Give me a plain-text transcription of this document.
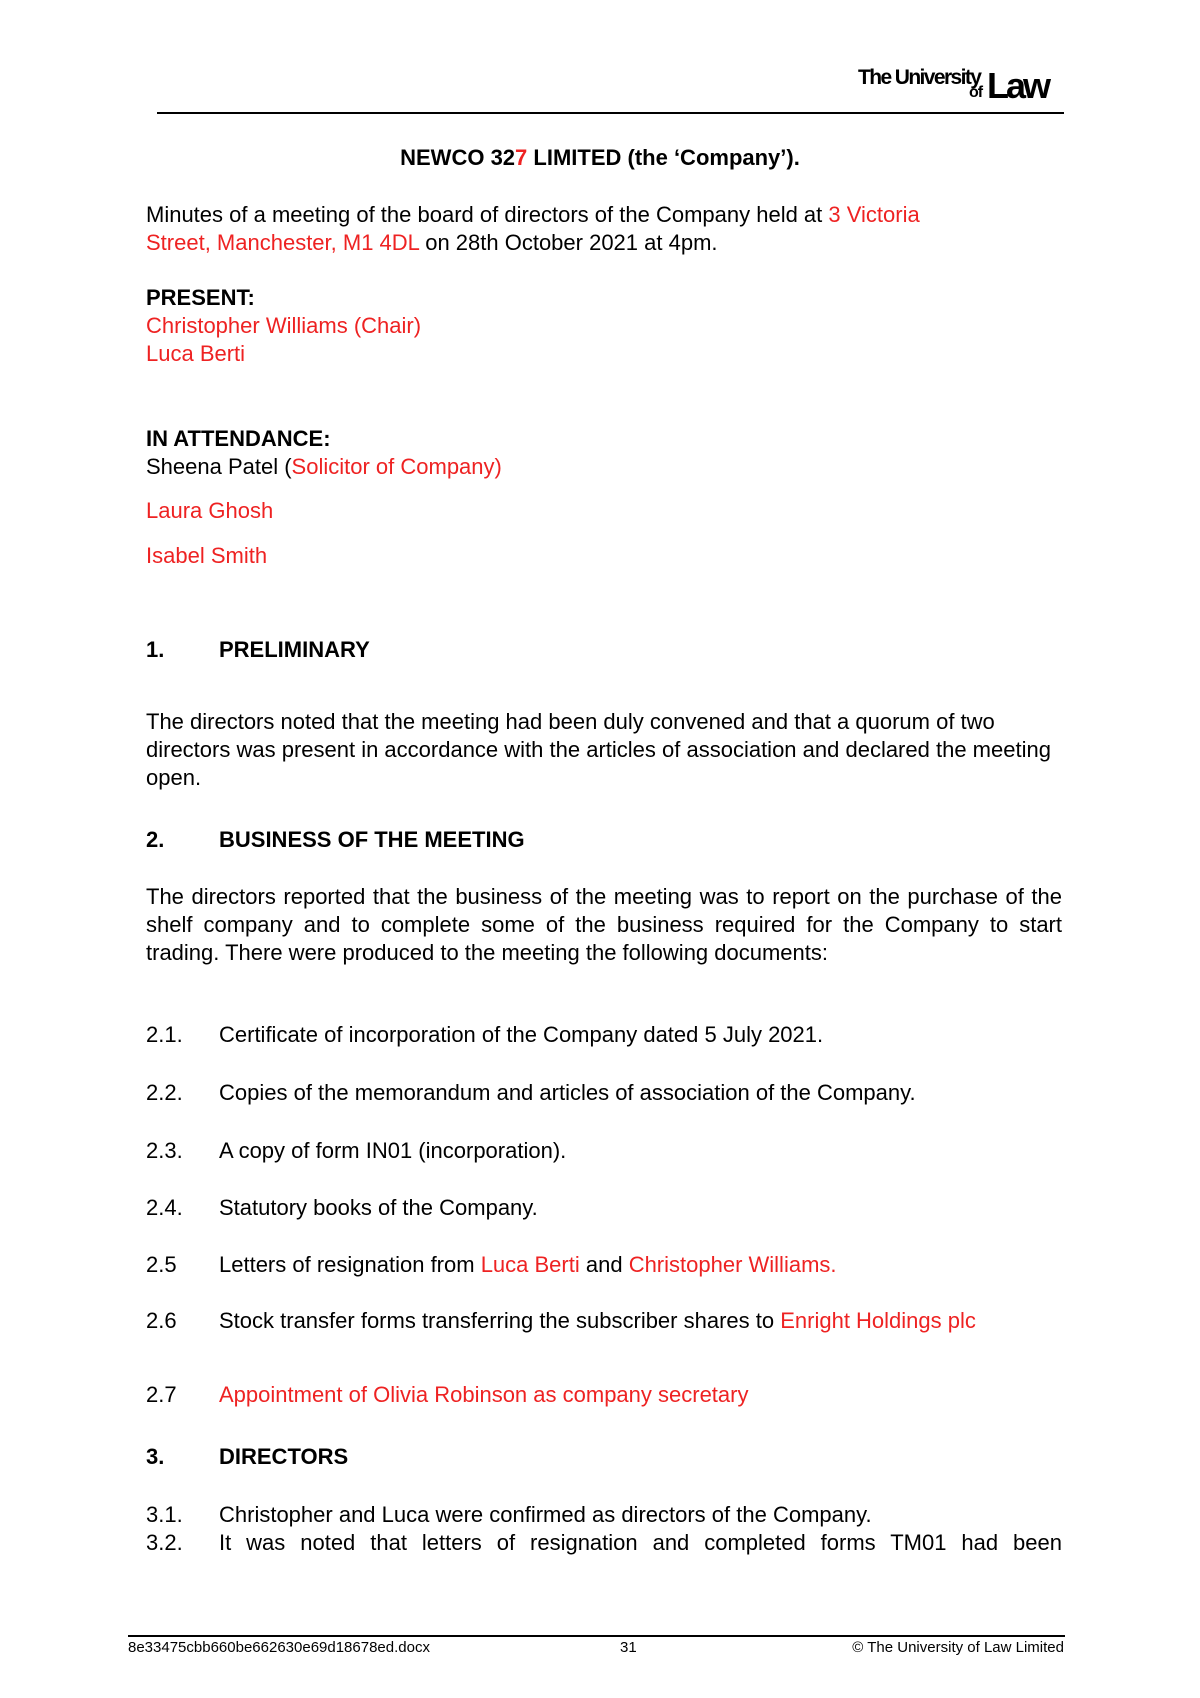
The University
of Law
NEWCO 327 LIMITED (the ‘Company’).
Minutes of a meeting of the board of directors of the Company held at 3 Victoria
Street, Manchester, M1 4DL on 28th October 2021 at 4pm.
PRESENT:
Christopher Williams (Chair)
Luca Berti
IN ATTENDANCE:
Sheena Patel (Solicitor of Company)
Laura Ghosh
Isabel Smith
1. PRELIMINARY
The directors noted that the meeting had been duly convened and that a quorum of two directors was present in accordance with the articles of association and declared the meeting open.
2. BUSINESS OF THE MEETING
The directors reported that the business of the meeting was to report on the purchase of the shelf company and to complete some of the business required for the Company to start trading. There were produced to the meeting the following documents:
2.1. Certificate of incorporation of the Company dated 5 July 2021.
2.2. Copies of the memorandum and articles of association of the Company.
2.3. A copy of form IN01 (incorporation).
2.4. Statutory books of the Company.
2.5 Letters of resignation from Luca Berti and Christopher Williams.
2.6 Stock transfer forms transferring the subscriber shares to Enright Holdings plc
2.7 Appointment of Olivia Robinson as company secretary
3. DIRECTORS
3.1. Christopher and Luca were confirmed as directors of the Company.
3.2. It was noted that letters of resignation and completed forms TM01 had been
8e33475cbb660be662630e69d18678ed.docx	31	© The University of Law Limited
